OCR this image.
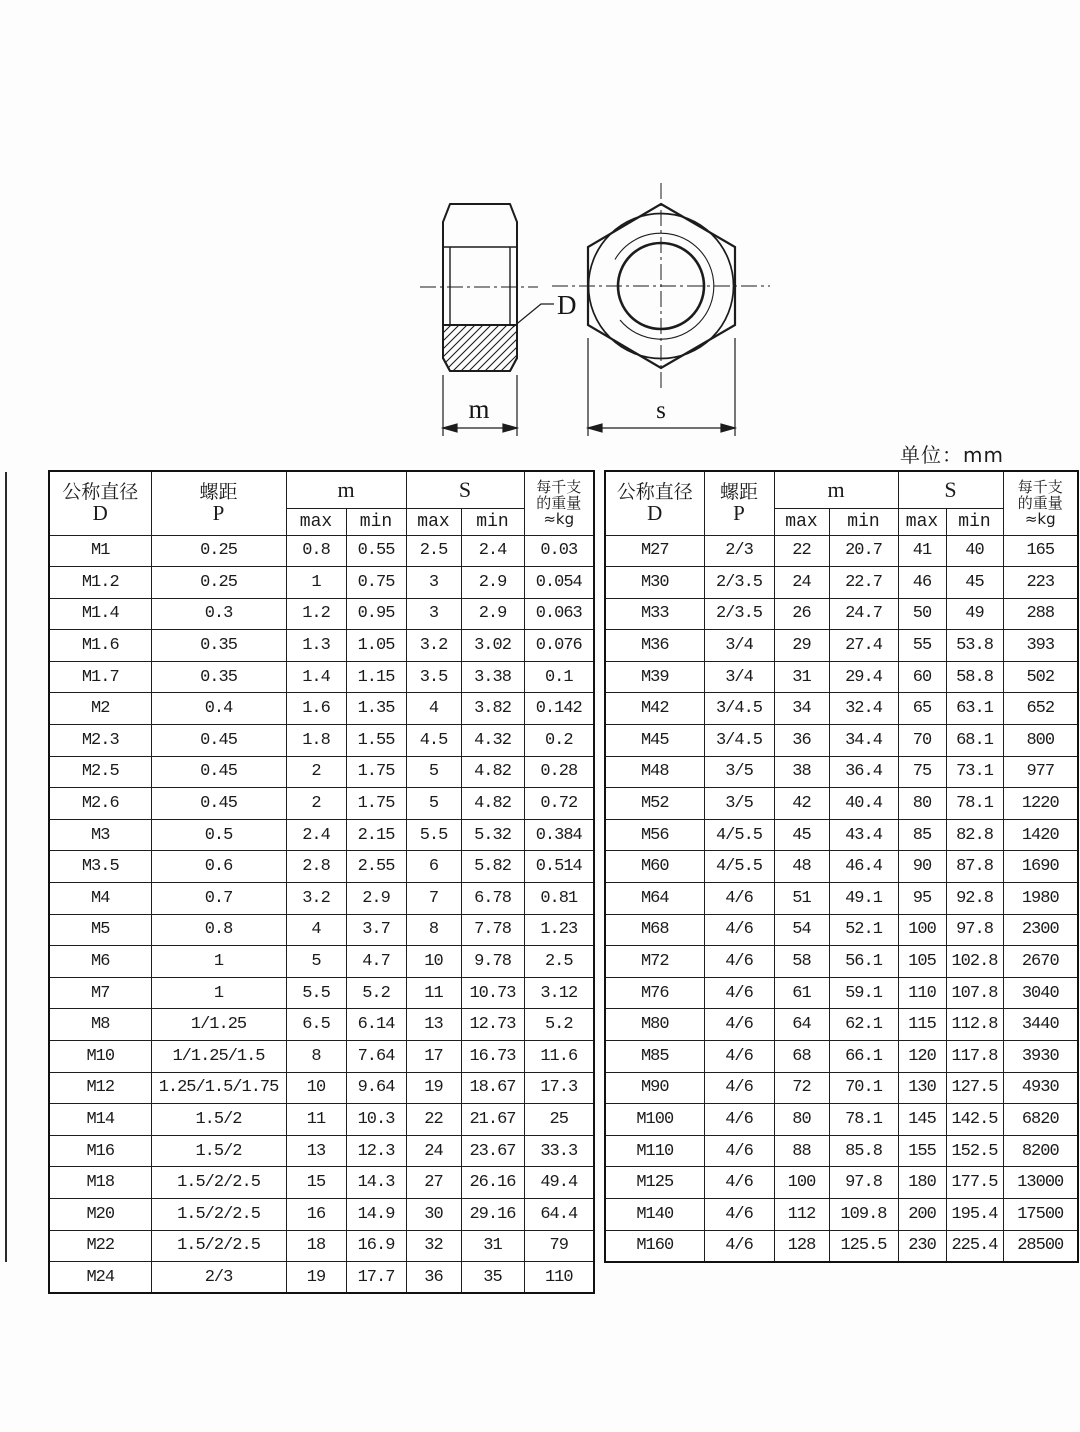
m	s
D
单位：mm
公称直径
D	螺距
P	m		S		每千支
的重量
≈kg

		max	min	max	min	
M1	0.25	0.8	0.55	2.5	2.4	0.03
M1.2	0.25	1	0.75	3	2.9	0.054
M1.4	0.3	1.2	0.95	3	2.9	0.063
M1.6	0.35	1.3	1.05	3.2	3.02	0.076
M1.7	0.35	1.4	1.15	3.5	3.38	0.1
M2	0.4	1.6	1.35	4	3.82	0.142
M2.3	0.45	1.8	1.55	4.5	4.32	0.2
M2.5	0.45	2	1.75	5	4.82	0.28
M2.6	0.45	2	1.75	5	4.82	0.72
M3	0.5	2.4	2.15	5.5	5.32	0.384
M3.5	0.6	2.8	2.55	6	5.82	0.514
M4	0.7	3.2	2.9	7	6.78	0.81
M5	0.8	4	3.7	8	7.78	1.23
M6	1	5	4.7	10	9.78	2.5
M7	1	5.5	5.2	11	10.73	3.12
M8	1/1.25	6.5	6.14	13	12.73	5.2
M10	1/1.25/1.5	8	7.64	17	16.73	11.6
M12	1.25/1.5/1.75	10	9.64	19	18.67	17.3
M14	1.5/2	11	10.3	22	21.67	25
M16	1.5/2	13	12.3	24	23.67	33.3
M18	1.5/2/2.5	15	14.3	27	26.16	49.4
M20	1.5/2/2.5	16	14.9	30	29.16	64.4
M22	1.5/2/2.5	18	16.9	32	31	79
M24	2/3	19	17.7	36	35	110
公称直径
D	螺距
P	m		S		每千支
的重量
≈kg

		max	min	max	min	
M27	2/3	22	20.7	41	40	165
M30	2/3.5	24	22.7	46	45	223
M33	2/3.5	26	24.7	50	49	288
M36	3/4	29	27.4	55	53.8	393
M39	3/4	31	29.4	60	58.8	502
M42	3/4.5	34	32.4	65	63.1	652
M45	3/4.5	36	34.4	70	68.1	800
M48	3/5	38	36.4	75	73.1	977
M52	3/5	42	40.4	80	78.1	1220
M56	4/5.5	45	43.4	85	82.8	1420
M60	4/5.5	48	46.4	90	87.8	1690
M64	4/6	51	49.1	95	92.8	1980
M68	4/6	54	52.1	100	97.8	2300
M72	4/6	58	56.1	105	102.8	2670
M76	4/6	61	59.1	110	107.8	3040
M80	4/6	64	62.1	115	112.8	3440
M85	4/6	68	66.1	120	117.8	3930
M90	4/6	72	70.1	130	127.5	4930
M100	4/6	80	78.1	145	142.5	6820
M110	4/6	88	85.8	155	152.5	8200
M125	4/6	100	97.8	180	177.5	13000
M140	4/6	112	109.8	200	195.4	17500
M160	4/6	128	125.5	230	225.4	28500
